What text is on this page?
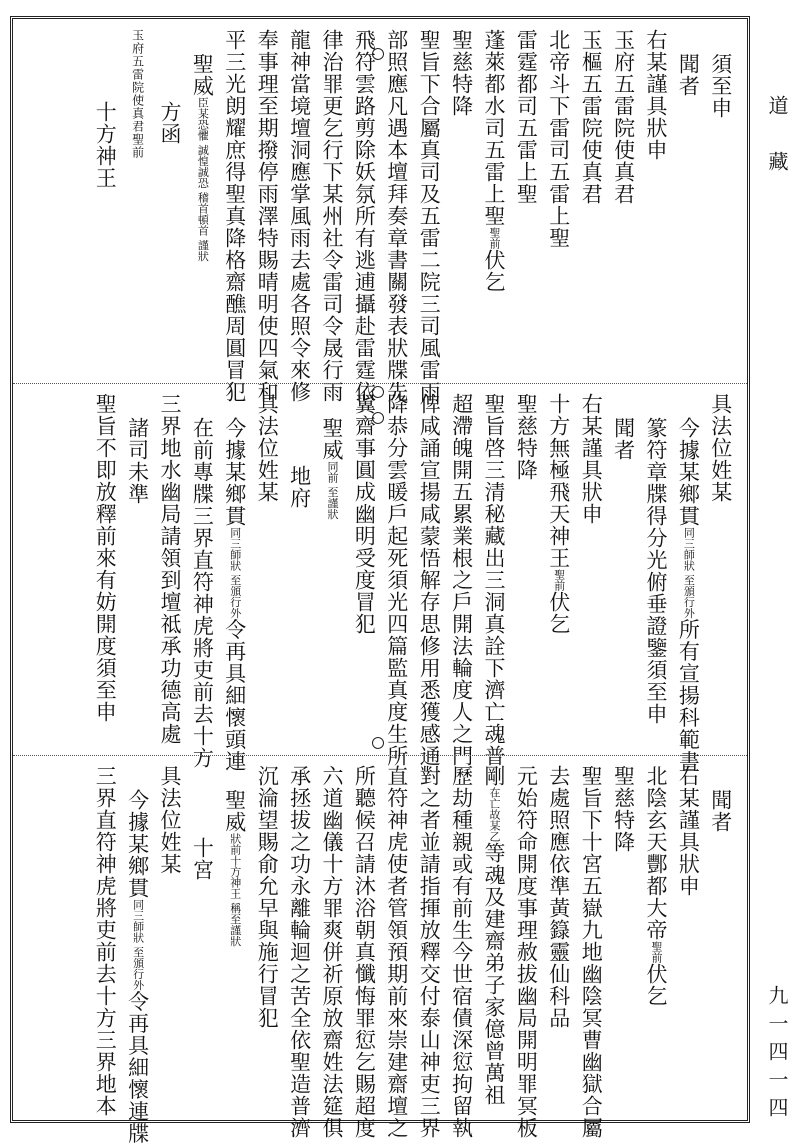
須至申
聞者
右某謹具狀申
玉府五雷院使真君
玉樞五雷院使真君
北帝斗下雷司五雷上聖
雷霆都司五雷上聖
蓬萊都水司五雷上聖聖前伏乞
聖慈特降
聖旨下合屬真司及五雷二院三司風雷雨
部照應凡遇本壇拜奏章書關發表狀牒先
飛符雲路剪除妖氛所有逃逋攝赴雷霆依
律治罪更乞行下某州社令雷司令晟行雨
龍神當境壇洞應掌風雨去處各照令來修
奉事理至期撥停雨澤特賜晴明使四氣和
平三光朗耀庶得聖真降格齋醮周圓冒犯
聖威臣某恐懼 誠惶誠恐 稽首頓首 謹狀
方函
玉府五雷院使真君聖前
十方神王
具法位姓某
今據某鄉貫同三師狀 至頒行外所有宣揚科範書
篆符章牒得分光俯垂證鑒須至申
聞者
右某謹具狀申
十方無極飛天神王聖前伏乞
聖慈特降
聖旨啓三清秘藏出三洞真詮下濟亡魂普
超滯魄開五累業根之戶開法輪度人之門
俾咸誦宣揚咸蒙悟解存思修用悉獲感通
降恭分雲暖戶起死須光四篇監真度生所
翼齋事圓成幽明受度冒犯
聖威同前 至謹狀
地府
具法位姓某
今據某鄉貫同三師狀 至頒行外令再具細懷頭連
在前專牒三界直符神虎將吏前去十方
三界地水幽局請領到壇祗承功德高處
諸司未準
聖旨不即放釋前來有妨開度須至申
聞者
右某謹具狀申
北陰玄天酆都大帝聖前伏乞
聖慈特降
聖旨下十宮五嶽九地幽陰冥曹幽獄合屬
去處照應依準黃籙靈仙科品
元始符命開度事理赦拔幽局開明罪冥板
剛在亡故某乙等魂及建齋弟子家億曾萬祖
歷劫種親或有前生今世宿債深愆拘留執
對之者並請指揮放釋交付泰山神吏三界
直符神虎使者管領預期前來崇建齋壇之
所聽候召請沐浴朝真懺悔罪愆乞賜超度
六道幽儀十方罪爽併祈原放齋姓法筵俱
承拯拔之功永離輪迴之苦全依聖造普濟
沉淪望賜俞允早與施行冒犯
聖威狀前十方神王 稱至謹狀
十宮
具法位姓某
今據某鄉貫同三師狀 至頒行外令再具細懷連牒
三界直符神虎將吏前去十方三界地本
道　藏
九一四一四
